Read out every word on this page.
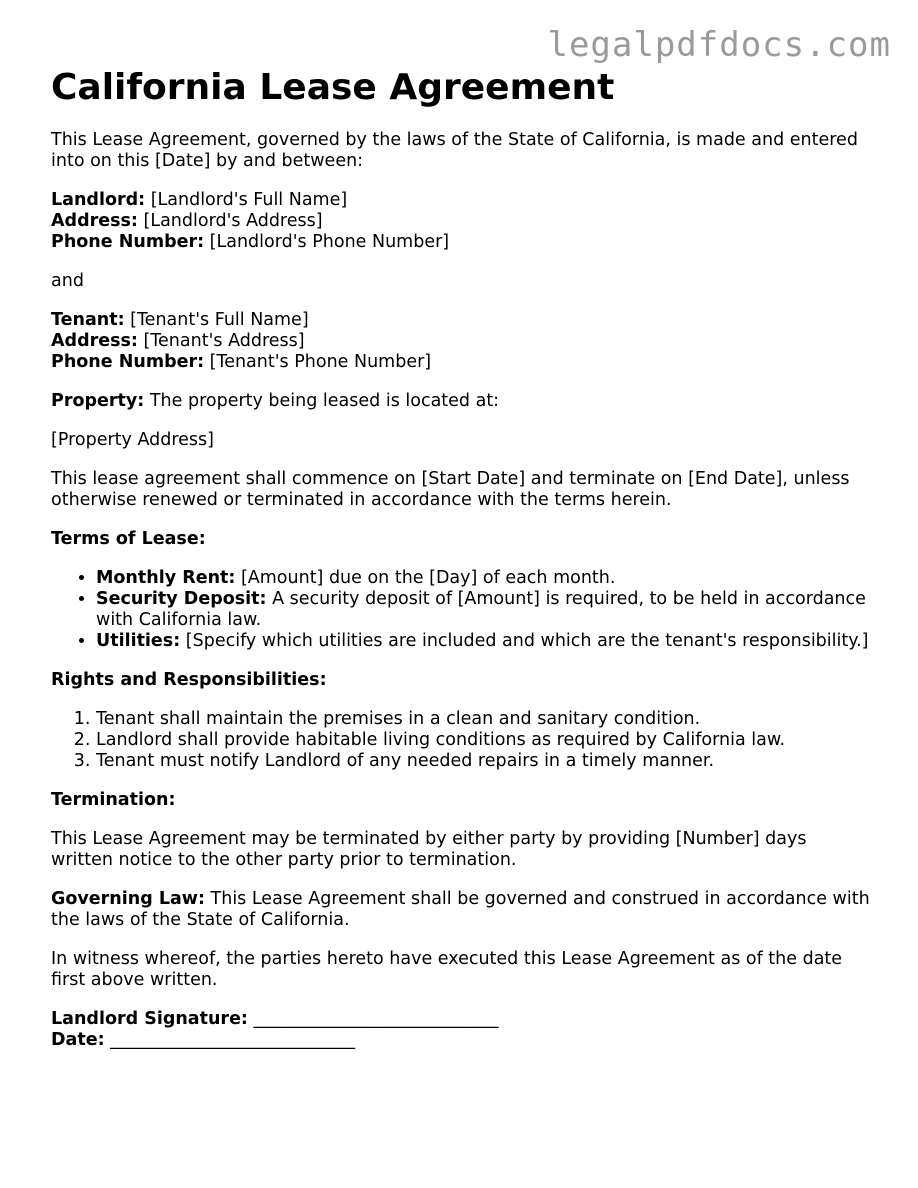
legalpdfdocs.com
California Lease Agreement

This Lease Agreement, governed by the laws of the State of California, is made and entered into on this [Date] by and between:

Landlord: [Landlord's Full Name]
Address: [Landlord's Address]
Phone Number: [Landlord's Phone Number]

and

Tenant: [Tenant's Full Name]
Address: [Tenant's Address]
Phone Number: [Tenant's Phone Number]

Property: The property being leased is located at:

[Property Address]

This lease agreement shall commence on [Start Date] and terminate on [End Date], unless otherwise renewed or terminated in accordance with the terms herein.

Terms of Lease:

• Monthly Rent: [Amount] due on the [Day] of each month.
• Security Deposit: A security deposit of [Amount] is required, to be held in accordance with California law.
• Utilities: [Specify which utilities are included and which are the tenant's responsibility.]

Rights and Responsibilities:

1. Tenant shall maintain the premises in a clean and sanitary condition.
2. Landlord shall provide habitable living conditions as required by California law.
3. Tenant must notify Landlord of any needed repairs in a timely manner.

Termination:

This Lease Agreement may be terminated by either party by providing [Number] days written notice to the other party prior to termination.

Governing Law: This Lease Agreement shall be governed and construed in accordance with the laws of the State of California.

In witness whereof, the parties hereto have executed this Lease Agreement as of the date first above written.

Landlord Signature: ____________________________
Date: ____________________________
